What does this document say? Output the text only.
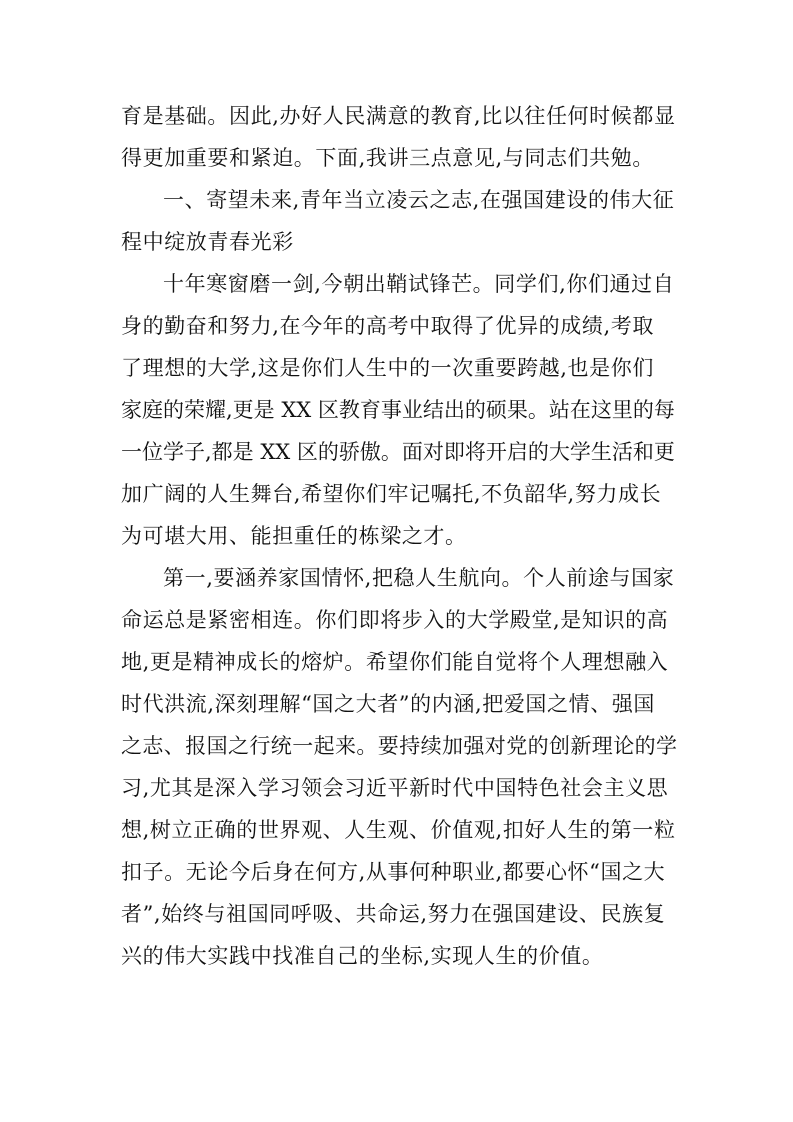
育是基础。因此,办好人民满意的教育,比以往任何时候都显
得更加重要和紧迫。下面,我讲三点意见,与同志们共勉。
一、寄望未来,青年当立凌云之志,在强国建设的伟大征
程中绽放青春光彩
十年寒窗磨一剑,今朝出鞘试锋芒。同学们,你们通过自
身的勤奋和努力,在今年的高考中取得了优异的成绩,考取
了理想的大学,这是你们人生中的一次重要跨越,也是你们
家庭的荣耀,更是 XX 区教育事业结出的硕果。站在这里的每
一位学子,都是 XX 区的骄傲。面对即将开启的大学生活和更
加广阔的人生舞台,希望你们牢记嘱托,不负韶华,努力成长
为可堪大用、能担重任的栋梁之才。
第一,要涵养家国情怀,把稳人生航向。个人前途与国家
命运总是紧密相连。你们即将步入的大学殿堂,是知识的高
地,更是精神成长的熔炉。希望你们能自觉将个人理想融入
时代洪流,深刻理解“国之大者”的内涵,把爱国之情、强国
之志、报国之行统一起来。要持续加强对党的创新理论的学
习,尤其是深入学习领会习近平新时代中国特色社会主义思
想,树立正确的世界观、人生观、价值观,扣好人生的第一粒
扣子。无论今后身在何方,从事何种职业,都要心怀“国之大
者”,始终与祖国同呼吸、共命运,努力在强国建设、民族复
兴的伟大实践中找准自己的坐标,实现人生的价值。
